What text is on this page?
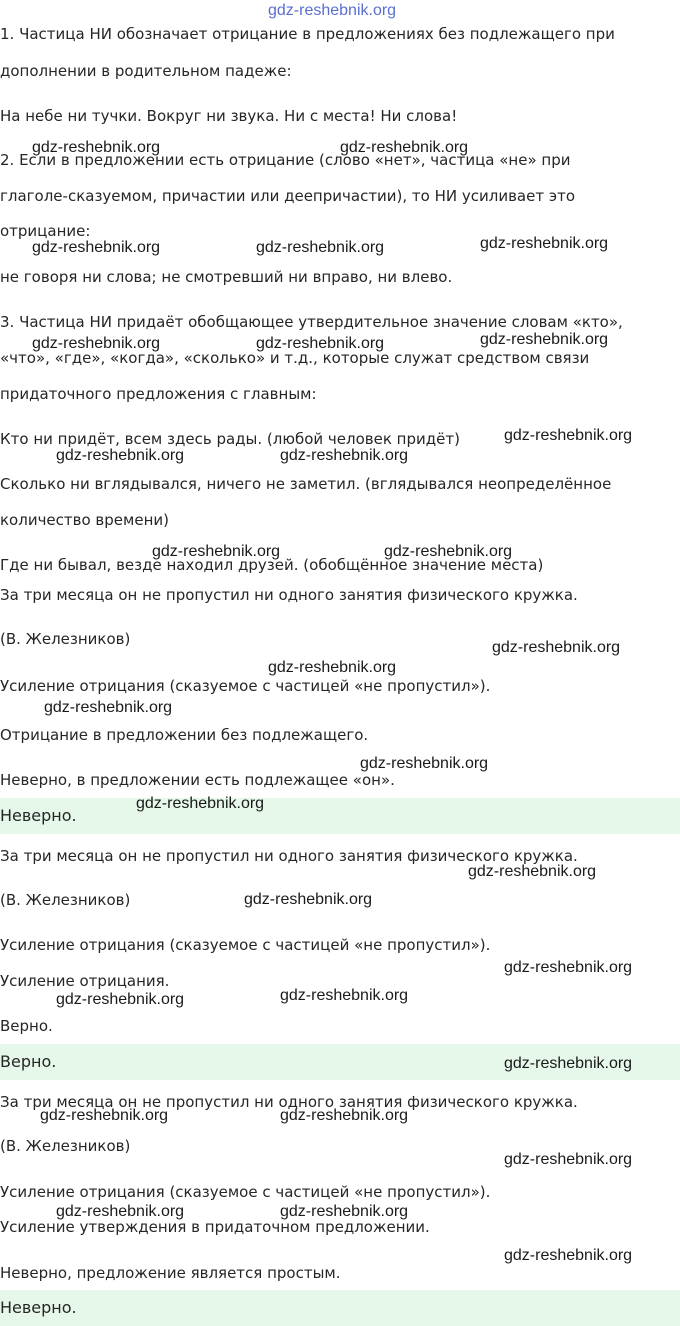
gdz-reshebnik.org
1. Частица НИ обозначает отрицание в предложениях без подлежащего при
дополнении в родительном падеже:
На небе ни тучки. Вокруг ни звука. Ни с места! Ни слова!
2. Если в предложении есть отрицание (слово «нет», частица «не» при
глаголе-сказуемом, причастии или деепричастии), то НИ усиливает это
отрицание:
не говоря ни слова; не смотревший ни вправо, ни влево.
3. Частица НИ придаёт обобщающее утвердительное значение словам «кто»,
«что», «где», «когда», «сколько» и т.д., которые служат средством связи
придаточного предложения с главным:
Кто ни придёт, всем здесь рады. (любой человек придёт)
Сколько ни вглядывался, ничего не заметил. (вглядывался неопределённое
количество времени)
Где ни бывал, везде находил друзей. (обобщённое значение места)
За три месяца он не пропустил ни одного занятия физического кружка.
(В. Железников)
Усиление отрицания (сказуемое с частицей «не пропустил»).
Отрицание в предложении без подлежащего.
Неверно, в предложении есть подлежащее «он».
Неверно.
За три месяца он не пропустил ни одного занятия физического кружка.
(В. Железников)
Усиление отрицания (сказуемое с частицей «не пропустил»).
Усиление отрицания.
Верно.
Верно.
За три месяца он не пропустил ни одного занятия физического кружка.
(В. Железников)
Усиление отрицания (сказуемое с частицей «не пропустил»).
Усиление утверждения в придаточном предложении.
Неверно, предложение является простым.
Неверно.
gdz-reshebnik.org	gdz-reshebnik.org
gdz-reshebnik.org	gdz-reshebnik.org	gdz-reshebnik.org
gdz-reshebnik.org	gdz-reshebnik.org	gdz-reshebnik.org
gdz-reshebnik.org
gdz-reshebnik.org	gdz-reshebnik.org
gdz-reshebnik.org	gdz-reshebnik.org
gdz-reshebnik.org
gdz-reshebnik.org
gdz-reshebnik.org
gdz-reshebnik.org
gdz-reshebnik.org
gdz-reshebnik.org
gdz-reshebnik.org
gdz-reshebnik.org
gdz-reshebnik.org	gdz-reshebnik.org
gdz-reshebnik.org
gdz-reshebnik.org	gdz-reshebnik.org
gdz-reshebnik.org
gdz-reshebnik.org	gdz-reshebnik.org
gdz-reshebnik.org
